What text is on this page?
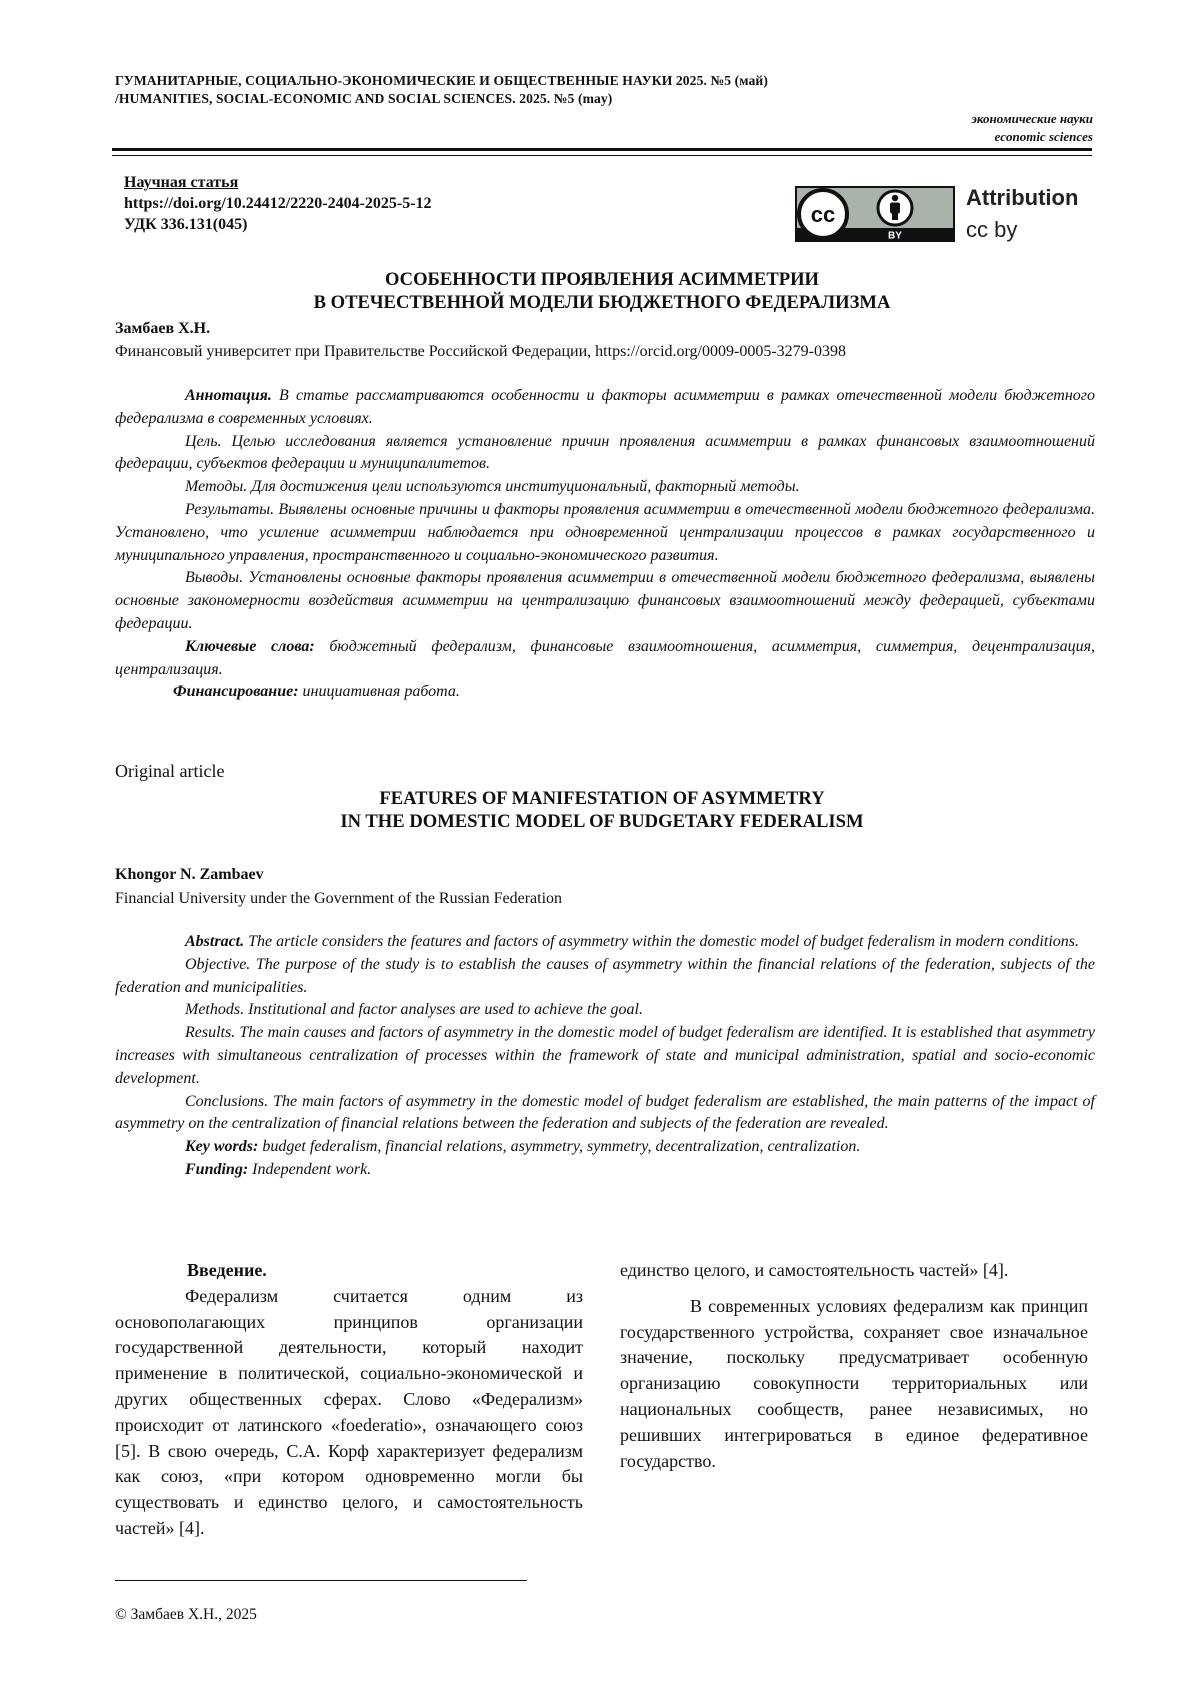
ГУМАНИТАРНЫЕ, СОЦИАЛЬНО-ЭКОНОМИЧЕСКИЕ И ОБЩЕСТВЕННЫЕ НАУКИ 2025. №5 (май)
/HUMANITIES, SOCIAL-ECONOMIC AND SOCIAL SCIENCES. 2025. №5 (may)
экономические науки
economic sciences
Научная статья
https://doi.org/10.24412/2220-2404-2025-5-12
УДК 336.131(045)	cc
BY
Attribution
cc by
ОСОБЕННОСТИ ПРОЯВЛЕНИЯ АСИММЕТРИИ
В ОТЕЧЕСТВЕННОЙ МОДЕЛИ БЮДЖЕТНОГО ФЕДЕРАЛИЗМА
Замбаев Х.Н.
Финансовый университет при Правительстве Российской Федерации, https://orcid.org/0009-0005-3279-0398

Аннотация. В статье рассматриваются особенности и факторы асимметрии в рамках отечественной модели бюджетного федерализма в современных условиях.

Цель. Целью исследования является установление причин проявления асимметрии в рамках финансовых взаимоотношений федерации, субъектов федерации и муниципалитетов.

Методы. Для достижения цели используются институциональный, факторный методы.

Результаты. Выявлены основные причины и факторы проявления асимметрии в отечественной модели бюджетного федерализма. Установлено, что усиление асимметрии наблюдается при одновременной централизации процессов в рамках государственного и муниципального управления, пространственного и социально-экономического развития.

Выводы. Установлены основные факторы проявления асимметрии в отечественной модели бюджетного федерализма, выявлены основные закономерности воздействия асимметрии на централизацию финансовых взаимоотношений между федерацией, субъектами федерации.

Ключевые слова: бюджетный федерализм, финансовые взаимоотношения, асимметрия, симметрия, децентрализация, централизация.

Финансирование: инициативная работа.

Original article
FEATURES OF MANIFESTATION OF ASYMMETRY
IN THE DOMESTIC MODEL OF BUDGETARY FEDERALISM
Khongor N. Zambaev
Financial University under the Government of the Russian Federation

Abstract. The article considers the features and factors of asymmetry within the domestic model of budget federalism in modern conditions.

Objective. The purpose of the study is to establish the causes of asymmetry within the financial relations of the federation, subjects of the federation and municipalities.

Methods. Institutional and factor analyses are used to achieve the goal.

Results. The main causes and factors of asymmetry in the domestic model of budget federalism are identified. It is established that asymmetry increases with simultaneous centralization of processes within the framework of state and municipal administration, spatial and socio-economic development.

Conclusions. The main factors of asymmetry in the domestic model of budget federalism are established, the main patterns of the impact of asymmetry on the centralization of financial relations between the federation and subjects of the federation are revealed.

Key words: budget federalism, financial relations, asymmetry, symmetry, decentralization, centralization.

Funding: Independent work.

Введение.

Федерализм считается одним из основополагающих принципов организации государственной деятельности, который находит применение в политической, социально-экономической и других общественных сферах. Слово «Федерализм» происходит от латинского «foederatio», означающего союз [5]. В свою очередь, С.А. Корф характеризует федерализм как союз, «при котором одновременно могли бы существовать и единство целого, и самостоятельность частей» [4].

единство целого, и самостоятельность частей» [4].

В современных условиях федерализм как принцип государственного устройства, сохраняет свое изначальное значение, поскольку предусматривает особенную организацию совокупности территориальных или национальных сообществ, ранее независимых, но решивших интегрироваться в единое федеративное государство.

© Замбаев Х.Н., 2025
